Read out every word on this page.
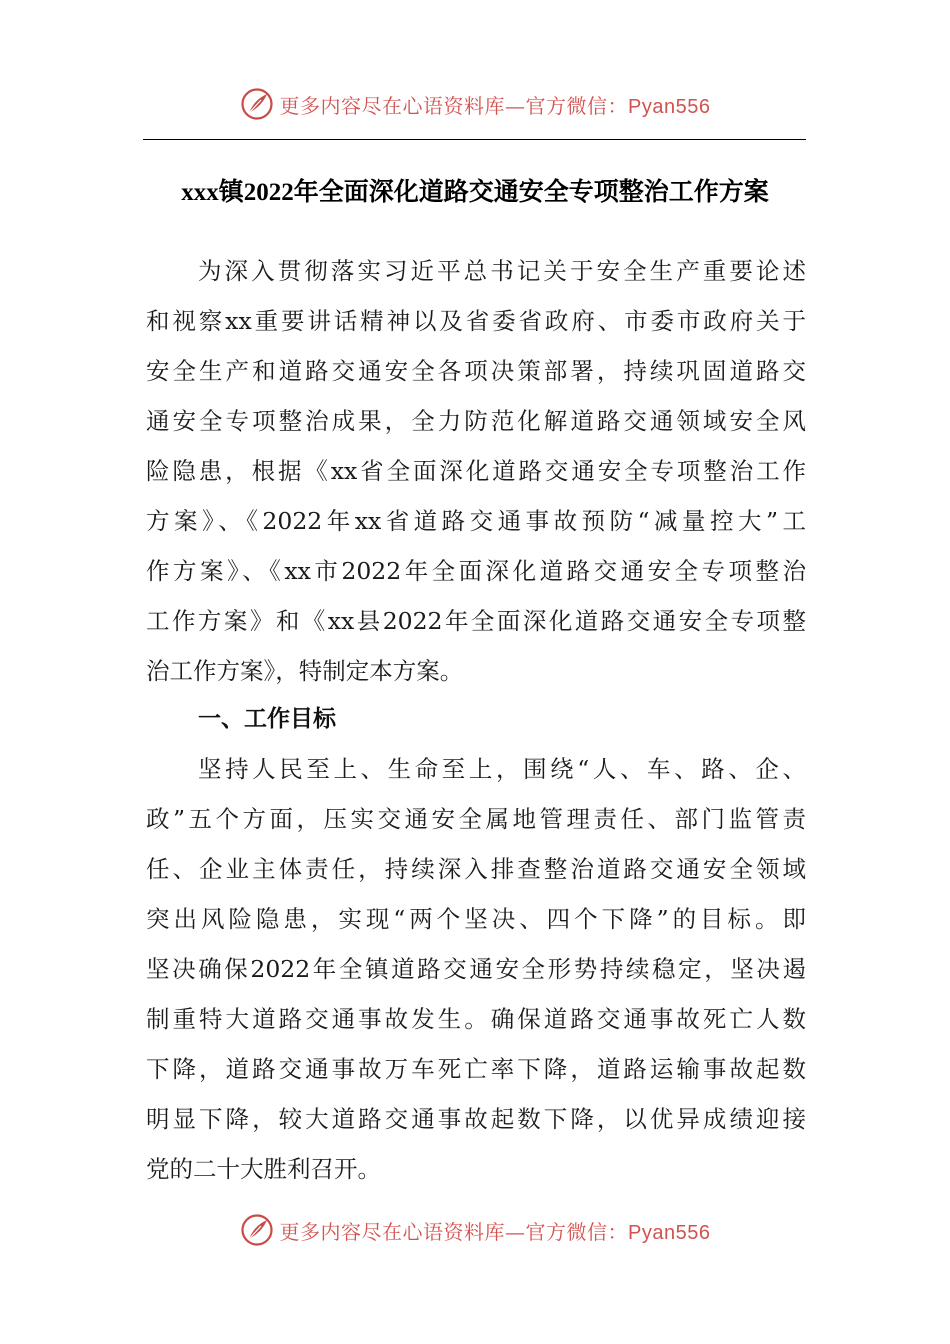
更多内容尽在心语资料库—官方微信：Pyan556
xxx镇2022年全面深化道路交通安全专项整治工作方案
为深入贯彻落实习近平总书记关于安全生产重要论述
和视察xx重要讲话精神以及省委省政府、市委市政府关于
安全生产和道路交通安全各项决策部署，持续巩固道路交
通安全专项整治成果，全力防范化解道路交通领域安全风
险隐患，根据《xx省全面深化道路交通安全专项整治工作
方案》、《2022年xx省道路交通事故预防“减量控大”工
作方案》、《xx市2022年全面深化道路交通安全专项整治
工作方案》和《xx县2022年全面深化道路交通安全专项整
治工作方案》，特制定本方案。
一、工作目标
坚持人民至上、生命至上，围绕“人、车、路、企、
政”五个方面，压实交通安全属地管理责任、部门监管责
任、企业主体责任，持续深入排查整治道路交通安全领域
突出风险隐患，实现“两个坚决、四个下降”的目标。即
坚决确保2022年全镇道路交通安全形势持续稳定，坚决遏
制重特大道路交通事故发生。确保道路交通事故死亡人数
下降，道路交通事故万车死亡率下降，道路运输事故起数
明显下降，较大道路交通事故起数下降，以优异成绩迎接
党的二十大胜利召开。
更多内容尽在心语资料库—官方微信：Pyan556
